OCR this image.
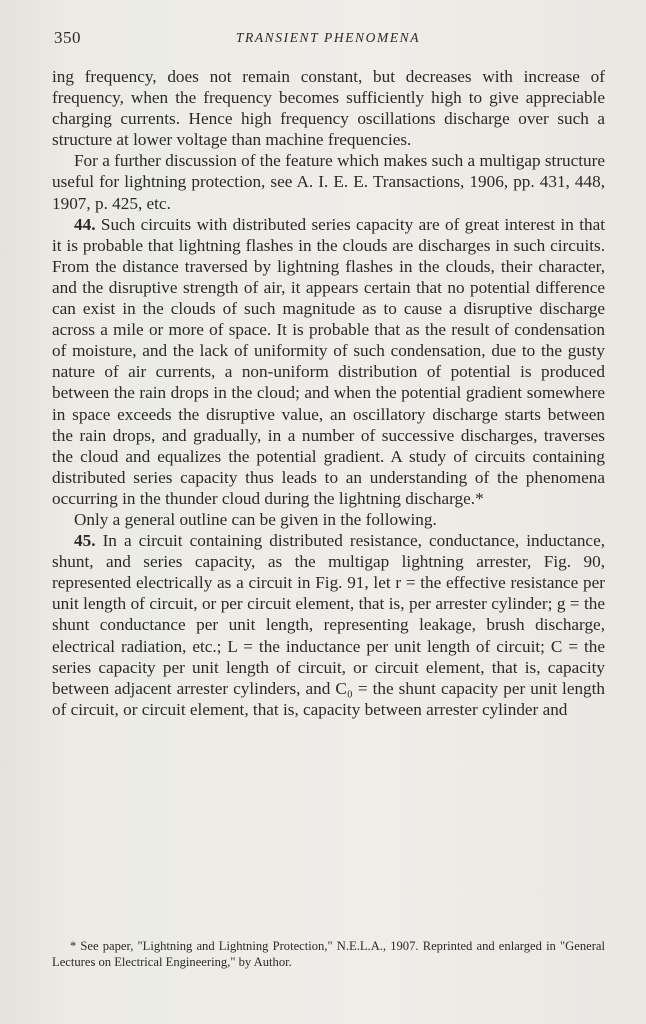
350	TRANSIENT PHENOMENA

ing frequency, does not remain constant, but decreases with increase of frequency, when the frequency becomes sufficiently high to give appreciable charging currents. Hence high frequency oscillations discharge over such a structure at lower voltage than machine frequencies.

For a further discussion of the feature which makes such a multigap structure useful for lightning protection, see A. I. E. E. Transactions, 1906, pp. 431, 448, 1907, p. 425, etc.

44. Such circuits with distributed series capacity are of great interest in that it is probable that lightning flashes in the clouds are discharges in such circuits. From the distance traversed by lightning flashes in the clouds, their character, and the disruptive strength of air, it appears certain that no potential difference can exist in the clouds of such magnitude as to cause a disruptive discharge across a mile or more of space. It is probable that as the result of condensation of moisture, and the lack of uniformity of such condensation, due to the gusty nature of air currents, a non-uniform distribution of potential is produced between the rain drops in the cloud; and when the potential gradient somewhere in space exceeds the disruptive value, an oscillatory discharge starts between the rain drops, and gradually, in a number of successive discharges, traverses the cloud and equalizes the potential gradient. A study of circuits containing distributed series capacity thus leads to an understanding of the phenomena occurring in the thunder cloud during the lightning discharge.*

Only a general outline can be given in the following.

45. In a circuit containing distributed resistance, conductance, inductance, shunt, and series capacity, as the multigap lightning arrester, Fig. 90, represented electrically as a circuit in Fig. 91, let r = the effective resistance per unit length of circuit, or per circuit element, that is, per arrester cylinder; g = the shunt conductance per unit length, representing leakage, brush discharge, electrical radiation, etc.; L = the inductance per unit length of circuit; C = the series capacity per unit length of circuit, or circuit element, that is, capacity between adjacent arrester cylinders, and C₀ = the shunt capacity per unit length of circuit, or circuit element, that is, capacity between arrester cylinder and

* See paper, "Lightning and Lightning Protection," N.E.L.A., 1907. Reprinted and enlarged in "General Lectures on Electrical Engineering," by Author.
